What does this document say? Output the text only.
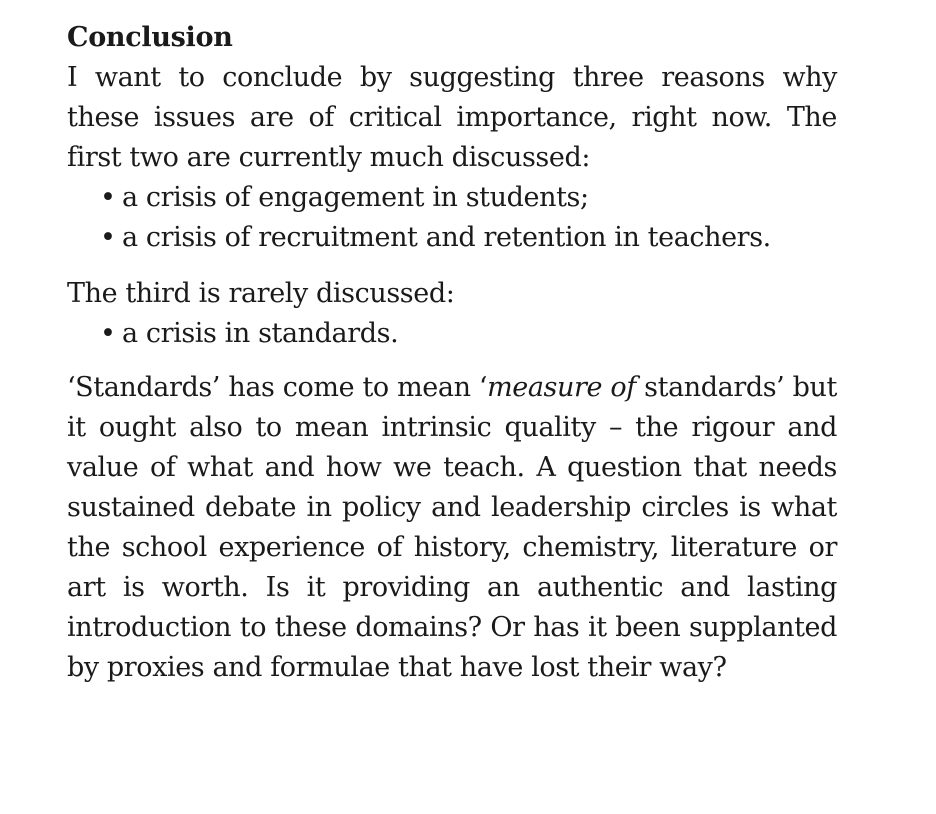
Conclusion

I want to conclude by suggesting three reasons why these issues are of critical importance, right now. The first two are currently much discussed:

• a crisis of engagement in students;
• a crisis of recruitment and retention in teachers.

The third is rarely discussed:

• a crisis in standards.

‘Standards’ has come to mean ‘measure of standards’ but it ought also to mean intrinsic quality – the rigour and value of what and how we teach. A question that needs sustained debate in policy and leadership circles is what the school experience of history, chemistry, literature or art is worth. Is it providing an authentic and lasting introduction to these domains? Or has it been supplanted by proxies and formulae that have lost their way?
